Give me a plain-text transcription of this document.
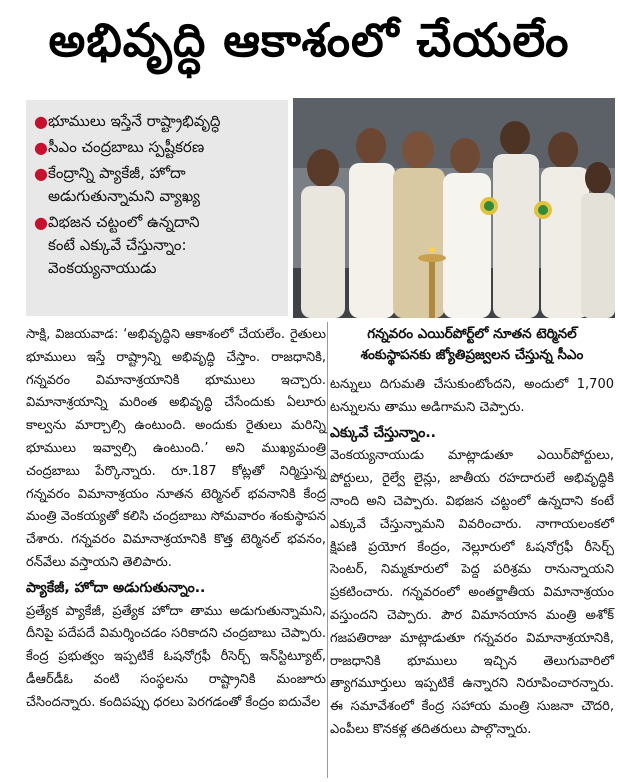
అభివృద్ధి ఆకాశంలో చేయలేం
● భూములు ఇస్తేనే రాష్ట్రాభివృద్ధి
● సీఎం చంద్రబాబు స్పష్టీకరణ
● కేంద్రాన్ని ప్యాకేజీ, హోదా
అడుగుతున్నామని వ్యాఖ్య
● విభజన చట్టంలో ఉన్నదాని
కంటే ఎక్కువే చేస్తున్నాం:
వెంకయ్యనాయుడు
గన్నవరం ఎయిర్‌పోర్ట్‌లో నూతన టెర్మినల్
శంకుస్థాపనకు జ్యోతిప్రజ్వలన చేస్తున్న సీఎం

సాక్షి, విజయవాడ: ‘అభివృద్ధిని ఆకాశంలో చేయలేం. రైతులు భూములు ఇస్తే రాష్ట్రాన్ని అభివృద్ధి చేస్తాం. రాజధానికి, గన్నవరం విమానాశ్రయానికి భూములు ఇచ్చారు. విమానాశ్రయాన్ని మరింత అభివృద్ధి చేసేందుకు ఏలూరు కాల్వను మార్చాల్సి ఉంటుంది. అందుకు రైతులు మరిన్ని భూములు ఇవ్వాల్సి ఉంటుంది.’ అని ముఖ్యమంత్రి చంద్రబాబు పేర్కొన్నారు. రూ.187 కోట్లతో నిర్మిస్తున్న గన్నవరం విమానాశ్రయం నూతన టెర్మినల్ భవనానికి కేంద్ర మంత్రి వెంకయ్యతో కలిసి చంద్రబాబు సోమవారం శంకుస్థాపన చేశారు. గన్నవరం విమానాశ్రయానికి కొత్త టెర్మినల్ భవనం, రన్‌వేలు వస్తాయని తెలిపారు.

ప్యాకేజీ, హోదా అడుగుతున్నాం..

ప్రత్యేక ప్యాకేజీ, ప్రత్యేక హోదా తాము అడుగుతున్నామని, దీనిపై పదేపదే విమర్శించడం సరికాదని చంద్రబాబు చెప్పారు. కేంద్ర ప్రభుత్వం ఇప్పటికే ఓషనోగ్రఫీ రీసెర్చ్ ఇన్‌స్టిట్యూట్, డీఆర్‌డీఓ వంటి సంస్థలను రాష్ట్రానికి మంజూరు చేసిందన్నారు. కందిపప్పు ధరలు పెరగడంతో కేంద్రం ఐదువేల

టన్నులు దిగుమతి చేసుకుంటోందని, అందులో 1,700 టన్నులను తాము అడిగామని చెప్పారు.

ఎక్కువే చేస్తున్నాం..

వెంకయ్యనాయుడు మాట్లాడుతూ ఎయిర్‌పోర్టులు, పోర్టులు, రైల్వే లైన్లు, జాతీయ రహదారులే అభివృద్ధికి నాంది అని చెప్పారు. విభజన చట్టంలో ఉన్నదాని కంటే ఎక్కువే చేస్తున్నామని వివరించారు. నాగాయలంకలో క్షిపణి ప్రయోగ కేంద్రం, నెల్లూరులో ఓషనోగ్రఫీ రీసెర్చ్ సెంటర్, నిమ్మకూరులో పెద్ద పరిశ్రమ రానున్నాయని ప్రకటించారు. గన్నవరంలో అంతర్జాతీయ విమానాశ్రయం వస్తుందని చెప్పారు. పౌర విమానయాన మంత్రి అశోక్ గజపతిరాజు మాట్లాడుతూ గన్నవరం విమానాశ్రయానికి, రాజధానికి భూములు ఇచ్చిన తెలుగువారిలో త్యాగమూర్తులు ఇప్పటికే ఉన్నారని నిరూపించారన్నారు. ఈ సమావేశంలో కేంద్ర సహాయ మంత్రి సుజనా చౌదరి, ఎంపీలు కొనకళ్ల తదితరులు పాల్గొన్నారు.
